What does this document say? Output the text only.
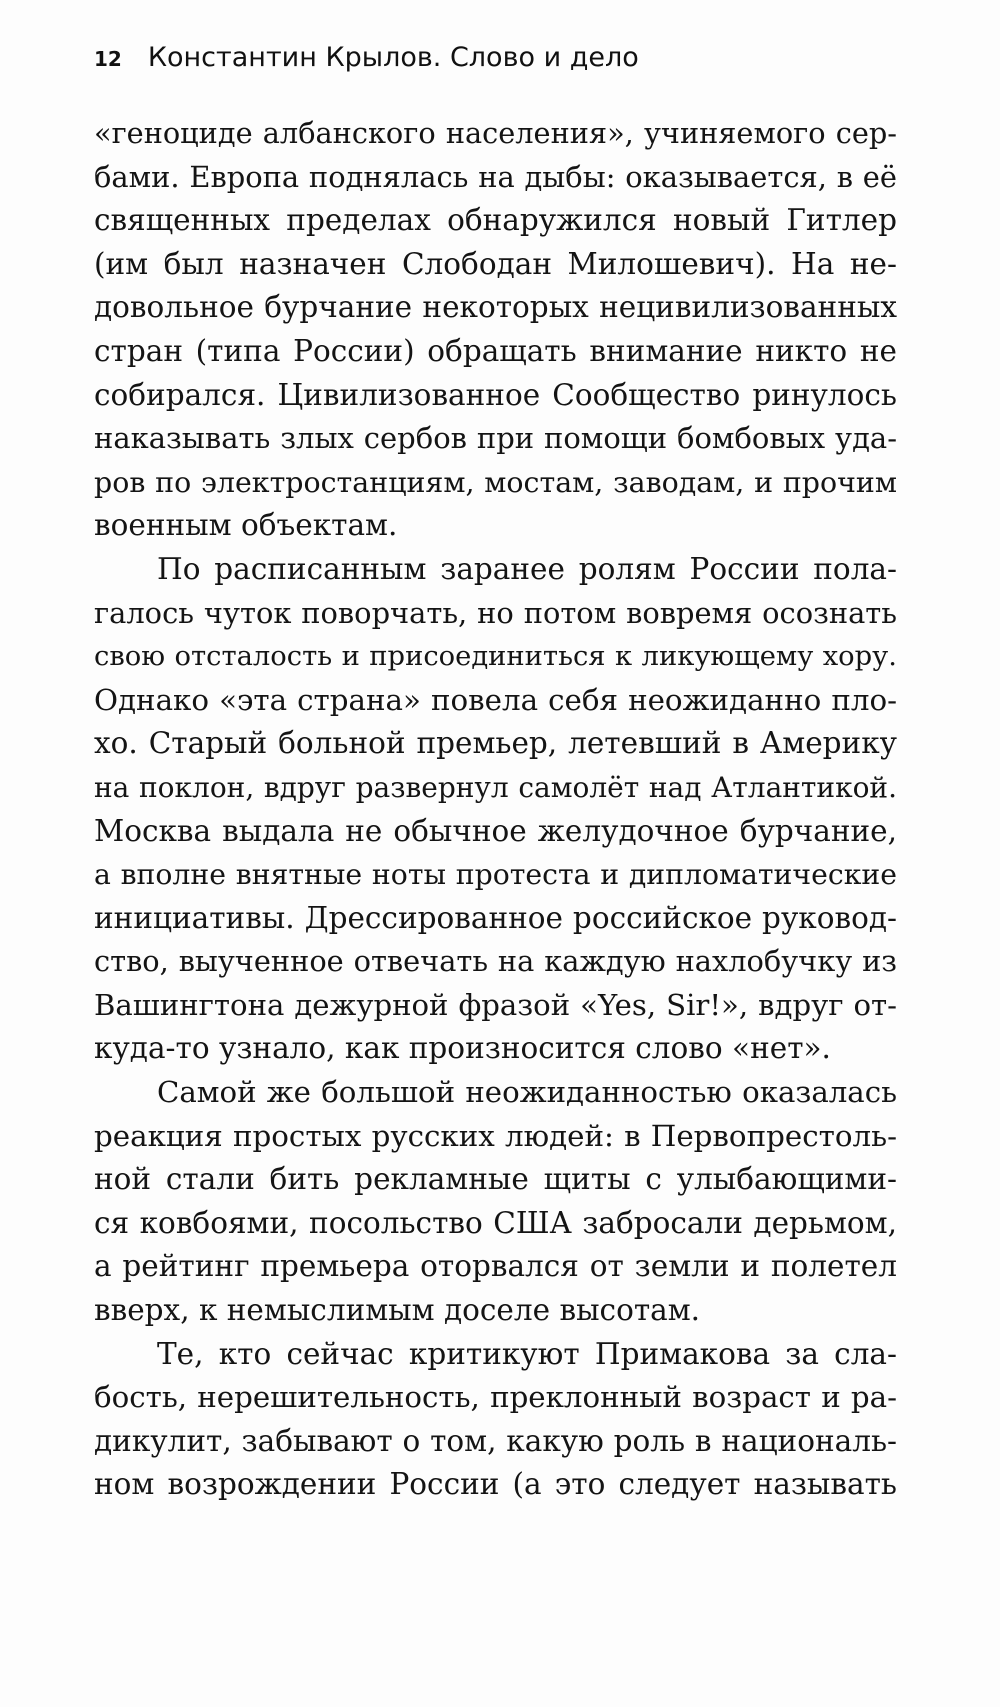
12 Константин Крылов. Слово и дело
«геноциде албанского населения», учиняемого сер-
бами. Европа поднялась на дыбы: оказывается, в её
священных пределах обнаружился новый Гитлер
(им был назначен Слободан Милошевич). На не-
довольное бурчание некоторых нецивилизованных
стран (типа России) обращать внимание никто не
собирался. Цивилизованное Сообщество ринулось
наказывать злых сербов при помощи бомбовых уда-
ров по электростанциям, мостам, заводам, и прочим
военным объектам.
По расписанным заранее ролям России пола-
галось чуток поворчать, но потом вовремя осознать
свою отсталость и присоединиться к ликующему хору.
Однако «эта страна» повела себя неожиданно пло-
хо. Старый больной премьер, летевший в Америку
на поклон, вдруг развернул самолёт над Атлантикой.
Москва выдала не обычное желудочное бурчание,
а вполне внятные ноты протеста и дипломатические
инициативы. Дрессированное российское руковод-
ство, выученное отвечать на каждую нахлобучку из
Вашингтона дежурной фразой «Yes, Sir!», вдруг от-
куда-то узнало, как произносится слово «нет».
Самой же большой неожиданностью оказалась
реакция простых русских людей: в Первопрестоль-
ной стали бить рекламные щиты с улыбающими-
ся ковбоями, посольство США забросали дерьмом,
а рейтинг премьера оторвался от земли и полетел
вверх, к немыслимым доселе высотам.
Те, кто сейчас критикуют Примакова за сла-
бость, нерешительность, преклонный возраст и ра-
дикулит, забывают о том, какую роль в националь-
ном возрождении России (а это следует называть
